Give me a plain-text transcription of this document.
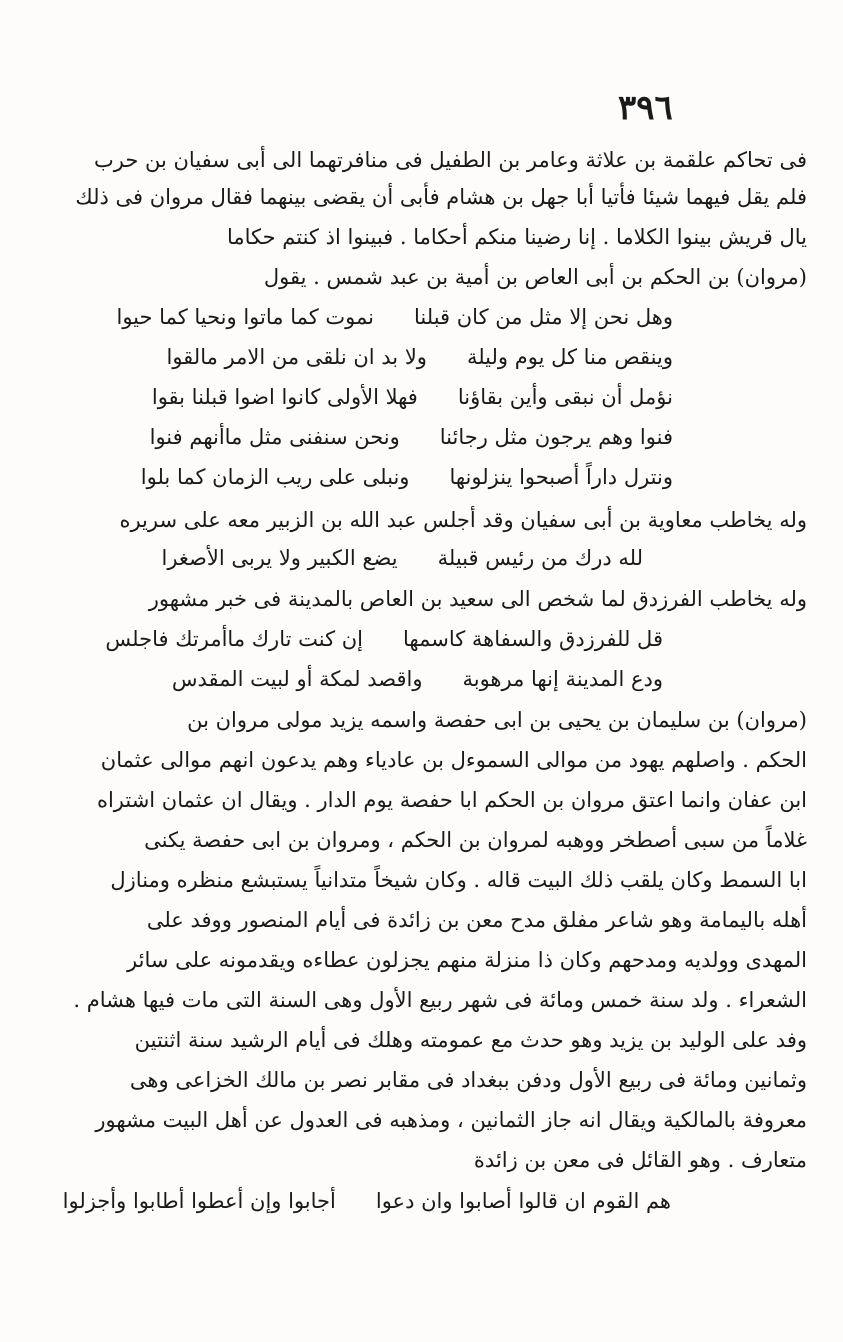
٣٩٦
فى تحاكم علقمة بن علاثة وعامر بن الطفيل فى منافرتهما الى أبى سفيان بن حرب
فلم يقل فيهما شيئا فأتيا أبا جهل بن هشام فأبى أن يقضى بينهما فقال مروان فى ذلك
يال قريش بينوا الكلاما . إنا رضينا منكم أحكاما . فبينوا اذ كنتم حكاما
(مروان) بن الحكم بن أبى العاص بن أمية بن عبد شمس . يقول
وهل نحن إلا مثل من كان قبلنا
نموت كما ماتوا ونحيا كما حيوا
وينقص منا كل يوم وليلة
ولا بد ان نلقى من الامر مالقوا
نؤمل أن نبقى وأين بقاؤنا
فهلا الأولى كانوا اضوا قبلنا بقوا
فنوا وهم يرجون مثل رجائنا
ونحن سنفنى مثل ماأنهم فنوا
ونترل داراً أصبحوا ينزلونها
ونبلى على ريب الزمان كما بلوا
وله يخاطب معاوية بن أبى سفيان وقد أجلس عبد الله بن الزبير معه على سريره
لله درك من رئيس قبيلة
يضع الكبير ولا يربى الأصغرا
وله يخاطب الفرزدق لما شخص الى سعيد بن العاص بالمدينة فى خبر مشهور
قل للفرزدق والسفاهة كاسمها
إن كنت تارك ماأمرتك فاجلس
ودع المدينة إنها مرهوبة
واقصد لمكة أو لبيت المقدس
(مروان) بن سليمان بن يحيى بن ابى حفصة واسمه يزيد مولى مروان بن
الحكم . واصلهم يهود من موالى السموءل بن عادياء وهم يدعون انهم موالى عثمان
ابن عفان وانما اعتق مروان بن الحكم ابا حفصة يوم الدار . ويقال ان عثمان اشتراه
غلاماً من سبى أصطخر ووهبه لمروان بن الحكم ، ومروان بن ابى حفصة يكنى
ابا السمط وكان يلقب ذلك البيت قاله . وكان شيخاً متدانياً يستبشع منظره ومنازل
أهله باليمامة وهو شاعر مفلق مدح معن بن زائدة فى أيام المنصور ووفد على
المهدى وولديه ومدحهم وكان ذا منزلة منهم يجزلون عطاءه ويقدمونه على سائر
الشعراء . ولد سنة خمس ومائة فى شهر ربيع الأول وهى السنة التى مات فيها هشام .
وفد على الوليد بن يزيد وهو حدث مع عمومته وهلك فى أيام الرشيد سنة اثنتين
وثمانين ومائة فى ربيع الأول ودفن ببغداد فى مقابر نصر بن مالك الخزاعى وهى
معروفة بالمالكية ويقال انه جاز الثمانين ، ومذهبه فى العدول عن أهل البيت مشهور
متعارف . وهو القائل فى معن بن زائدة
هم القوم ان قالوا أصابوا وان دعوا
أجابوا وإن أعطوا أطابوا وأجزلوا
